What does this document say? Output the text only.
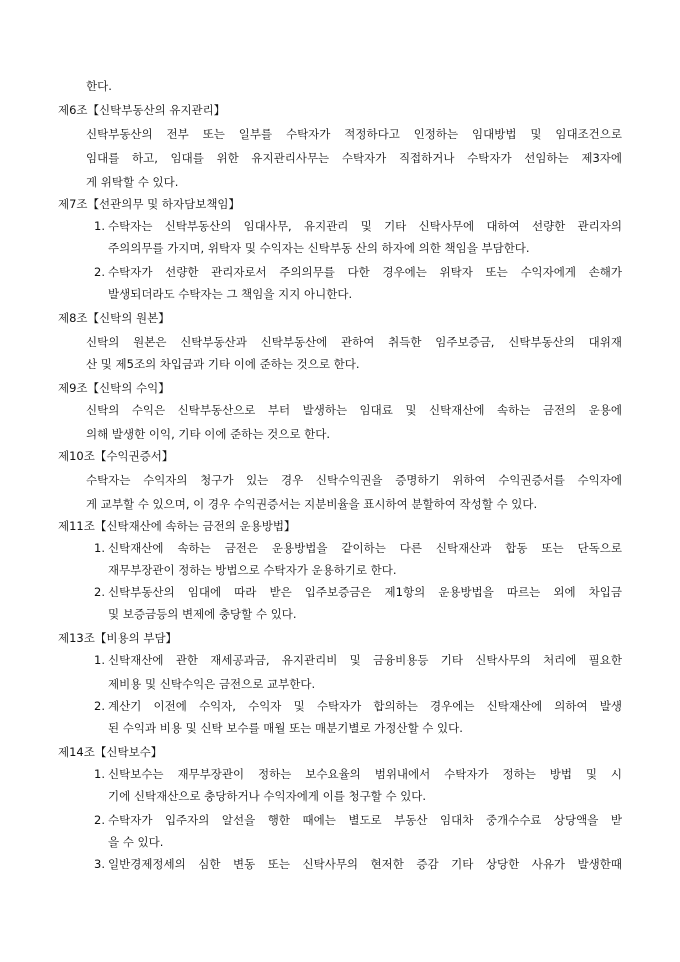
한다.
제6조【신탁부동산의 유지관리】
신탁부동산의 전부 또는 일부를 수탁자가 적정하다고 인정하는 임대방법 및 임대조건으로
임대를 하고, 임대를 위한 유지관리사무는 수탁자가 직접하거나 수탁자가 선임하는 제3자에
게 위탁할 수 있다.
제7조【선관의무 및 하자담보책임】
1. 수탁자는 신탁부동산의 임대사무, 유지관리 및 기타 신탁사무에 대하여 선량한 관리자의
주의의무를 가지며, 위탁자 및 수익자는 신탁부동 산의 하자에 의한 책임을 부담한다.
2. 수탁자가 선량한 관리자로서 주의의무를 다한 경우에는 위탁자 또는 수익자에게 손해가
발생되더라도 수탁자는 그 책임을 지지 아니한다.
제8조【신탁의 원본】
신탁의 원본은 신탁부동산과 신탁부동산에 관하여 취득한 임주보증금, 신탁부동산의 대위재
산 및 제5조의 차입금과 기타 이에 준하는 것으로 한다.
제9조【신탁의 수익】
신탁의 수익은 신탁부동산으로 부터 발생하는 임대료 및 신탁재산에 속하는 금전의 운용에
의해 발생한 이익, 기타 이에 준하는 것으로 한다.
제10조【수익권증서】
수탁자는 수익자의 청구가 있는 경우 신탁수익권을 증명하기 위하여 수익권증서를 수익자에
게 교부할 수 있으며, 이 경우 수익권증서는 지분비율을 표시하여 분할하여 작성할 수 있다.
제11조【신탁재산에 속하는 금전의 운용방법】
1. 신탁재산에 속하는 금전은 운용방법을 같이하는 다른 신탁재산과 합동 또는 단독으로
재무부장관이 정하는 방법으로 수탁자가 운용하기로 한다.
2. 신탁부동산의 임대에 따라 받은 입주보증금은 제1항의 운용방법을 따르는 외에 차입금
및 보증금등의 변제에 충당할 수 있다.
제13조【비용의 부담】
1. 신탁재산에 관한 재세공과금, 유지관리비 및 금융비용등 기타 신탁사무의 처리에 필요한
제비용 및 신탁수익은 금전으로 교부한다.
2. 계산기 이전에 수익자, 수익자 및 수탁자가 합의하는 경우에는 신탁재산에 의하여 발생
된 수익과 비용 및 신탁 보수를 매월 또는 매분기별로 가정산할 수 있다.
제14조【신탁보수】
1. 신탁보수는 재무부장관이 정하는 보수요율의 범위내에서 수탁자가 정하는 방법 및 시
기에 신탁재산으로 충당하거나 수익자에게 이를 청구할 수 있다.
2. 수탁자가 입주자의 알선을 행한 때에는 별도로 부동산 임대차 중개수수료 상당액을 받
을 수 있다.
3. 일반경제정세의 심한 변동 또는 신탁사무의 현저한 증감 기타 상당한 사유가 발생한때
